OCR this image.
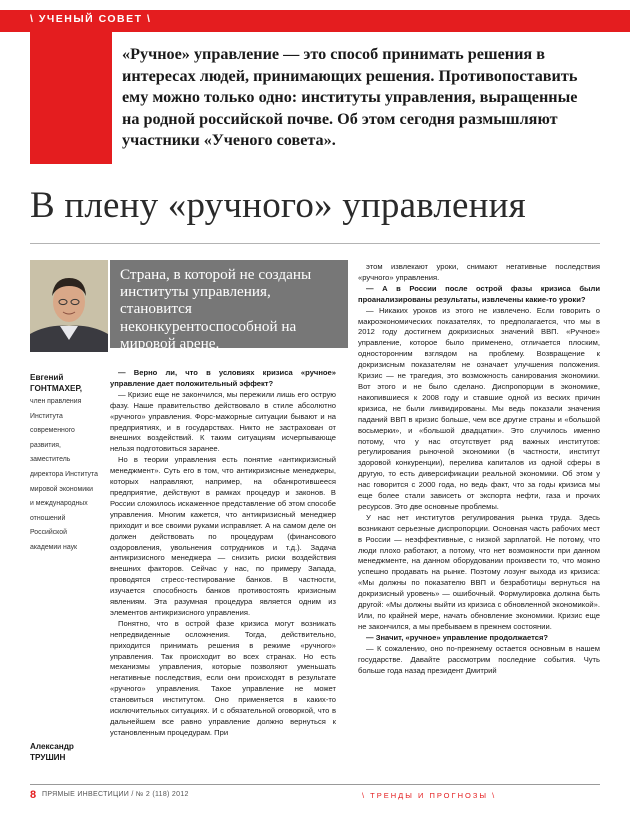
\ УЧЕНЫЙ СОВЕТ \
«Ручное» управление — это способ принимать решения в интересах людей, принимающих решения. Противопоставить ему можно только одно: институты управления, выращенные на родной российской почве. Об этом сегодня размышляют участники «Ученого совета».
В плену «ручного» управления
Страна, в которой не созданы институты управления, становится неконкурентоспособной на мировой арене.
Евгений
ГОНТМАХЕР,
член правления
Института
современного
развития,
заместитель
директора Института
мировой экономики
и международных
отношений
Российской
академии наук
Александр
ТРУШИН

— Верно ли, что в условиях кризиса «ручное» управление дает положительный эффект?

— Кризис еще не закончился, мы пережили лишь его острую фазу. Наше правительство действовало в стиле абсолютно «ручного» управления. Форс-мажорные ситуации бывают и на предприятиях, и в государствах. Никто не застрахован от внешних воздействий. К таким ситуациям исчерпывающе нельзя подготовиться заранее.

Но в теории управления есть понятие «антикризисный менеджмент». Суть его в том, что антикризисные менеджеры, которых направляют, например, на обанкротившееся предприятие, действуют в рамках процедур и законов. В России сложилось искаженное представление об этом способе управления. Многим кажется, что антикризисный менеджер приходит и все своими руками исправляет. А на самом деле он должен действовать по процедурам (финансового оздоровления, увольнения сотрудников и т.д.). Задача антикризисного менеджера — снизить риски воздействия внешних факторов. Сейчас у нас, по примеру Запада, проводятся стресс-тестирование банков. В частности, изучается способность банков противостоять кризисным явлениям. Эта разумная процедура является одним из элементов антикризисного управления.

Понятно, что в острой фазе кризиса могут возникать непредвиденные осложнения. Тогда, действительно, приходится принимать решения в режиме «ручного» управления. Так происходит во всех странах. Но есть механизмы управления, которые позволяют уменьшать негативные последствия, если они происходят в результате «ручного» управления. Такое управление не может становиться институтом. Оно применяется в каких-то исключительных ситуациях. И с обязательной оговоркой, что в дальнейшем все равно управление должно вернуться к установленным процедурам. При

этом извлекают уроки, снимают негативные последствия «ручного» управления.

— А в России после острой фазы кризиса были проанализированы результаты, извлечены какие-то уроки?

— Никаких уроков из этого не извлечено. Если говорить о макроэкономических показателях, то предполагается, что мы в 2012 году достигнем докризисных значений ВВП. «Ручное» управление, которое было применено, отличается плоским, односторонним взглядом на проблему. Возвращение к докризисным показателям не означает улучшения положения. Кризис — не трагедия, это возможность санирования экономики. Вот этого и не было сделано. Диспропорции в экономике, накопившиеся к 2008 году и ставшие одной из веских причин кризиса, не были ликвидированы. Мы ведь показали значения паданий ВВП в кризис больше, чем все другие страны и «большой восьмерки», и «большой двадцатки». Это случилось именно потому, что у нас отсутствует ряд важных институтов: регулирования рыночной экономики (в частности, институт здоровой конкуренции), перелива капиталов из одной сферы в другую, то есть диверсификации реальной экономики. Об этом у нас говорится с 2000 года, но ведь факт, что за годы кризиса мы еще более стали зависеть от экспорта нефти, газа и прочих ресурсов. Это две основные проблемы.

У нас нет институтов регулирования рынка труда. Здесь возникают серьезные диспропорции. Основная часть рабочих мест в России — неэффективные, с низкой зарплатой. Не потому, что люди плохо работают, а потому, что нет возможности при данном менеджменте, на данном оборудовании произвести то, что можно успешно продавать на рынке. Поэтому лозунг выхода из кризиса: «Мы должны по показателю ВВП и безработицы вернуться на докризисный уровень» — ошибочный. Формулировка должна быть другой: «Мы должны выйти из кризиса с обновленной экономикой». Или, по крайней мере, начать обновление экономики. Кризис еще не закончился, а мы пребываем в прежнем состоянии.

— Значит, «ручное» управление продолжается?

— К сожалению, оно по-прежнему остается основным в нашем государстве. Давайте рассмотрим последние события. Чуть больше года назад президент Дмитрий

8 ПРЯМЫЕ ИНВЕСТИЦИИ / № 2 (118) 2012	\ ТРЕНДЫ И ПРОГНОЗЫ \
